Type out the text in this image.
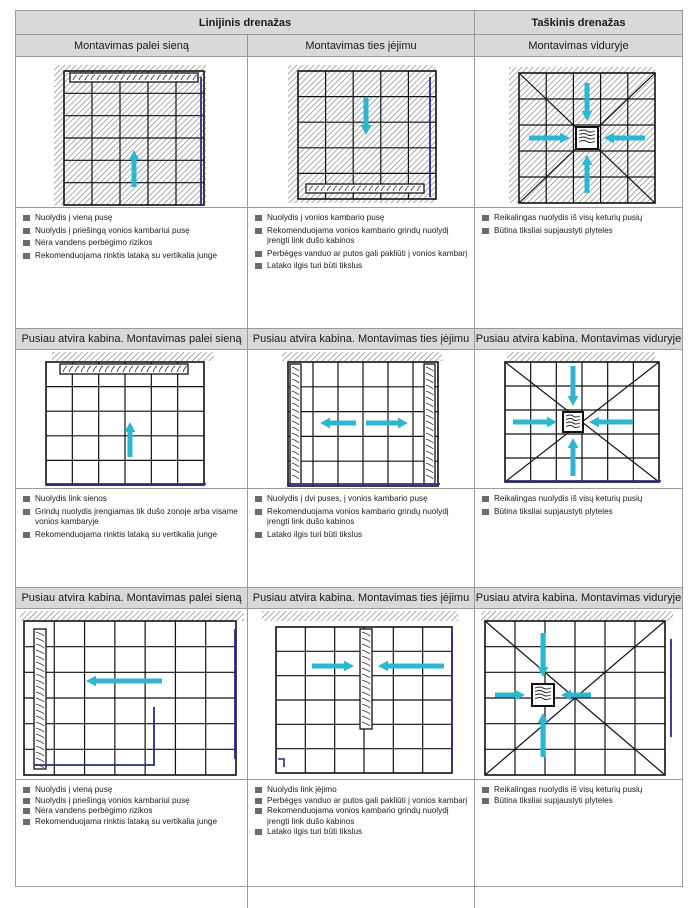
Linijinis drenažas	Taškinis drenažas
Montavimas palei sieną
Nuolydis į vieną pusę
Nuolydis į priešingą vonios kambariui pusę
Nėra vandens perbėgimo rizikos
Rekomenduojama rinktis lataką su vertikalia junge
Montavimas ties įėjimu
Nuolydis į vonios kambario pusę
Rekomenduojama vonios kambario grindų nuolydį įrengti link dušo kabinos
Perbėgęs vanduo ar putos gali pakliūti į vonios kambarį
Latako ilgis turi būti tikslus
Montavimas viduryje
Reikalingas nuolydis iš visų keturių pusių
Būtina tiksliai supjaustyti plyteles
Pusiau atvira kabina. Montavimas palei sieną
Nuolydis link sienos
Grindų nuolydis įrengiamas tik dušo zonoje arba visame vonios kambaryje
Rekomenduojama rinktis lataką su vertikalia junge
Pusiau atvira kabina. Montavimas ties įėjimu
Nuolydis į dvi puses, į vonios kambario pusę
Rekomenduojama vonios kambario grindų nuolydį įrengti link dušo kabinos
Latako ilgis turi būti tikslus
Pusiau atvira kabina. Montavimas viduryje
Reikalingas nuolydis iš visų keturių pusių
Būtina tiksliai supjaustyti plyteles
Pusiau atvira kabina. Montavimas palei sieną
Nuolydis į vieną pusę
Nuolydis į priešingą vonios kambariui pusę
Nėra vandens perbėgimo rizikos
Rekomenduojama rinktis lataką su vertikalia junge
Pusiau atvira kabina. Montavimas ties įėjimu
Nuolydis link įėjimo
Perbėgęs vanduo ar putos gali pakliūti į vonios kambarį
Rekomenduojama vonios kambario grindų nuolydį įrengti link dušo kabinos
Latako ilgis turi būti tikslus
Pusiau atvira kabina. Montavimas viduryje
Reikalingas nuolydis iš visų keturių pusių
Būtina tiksliai supjaustyti plyteles
